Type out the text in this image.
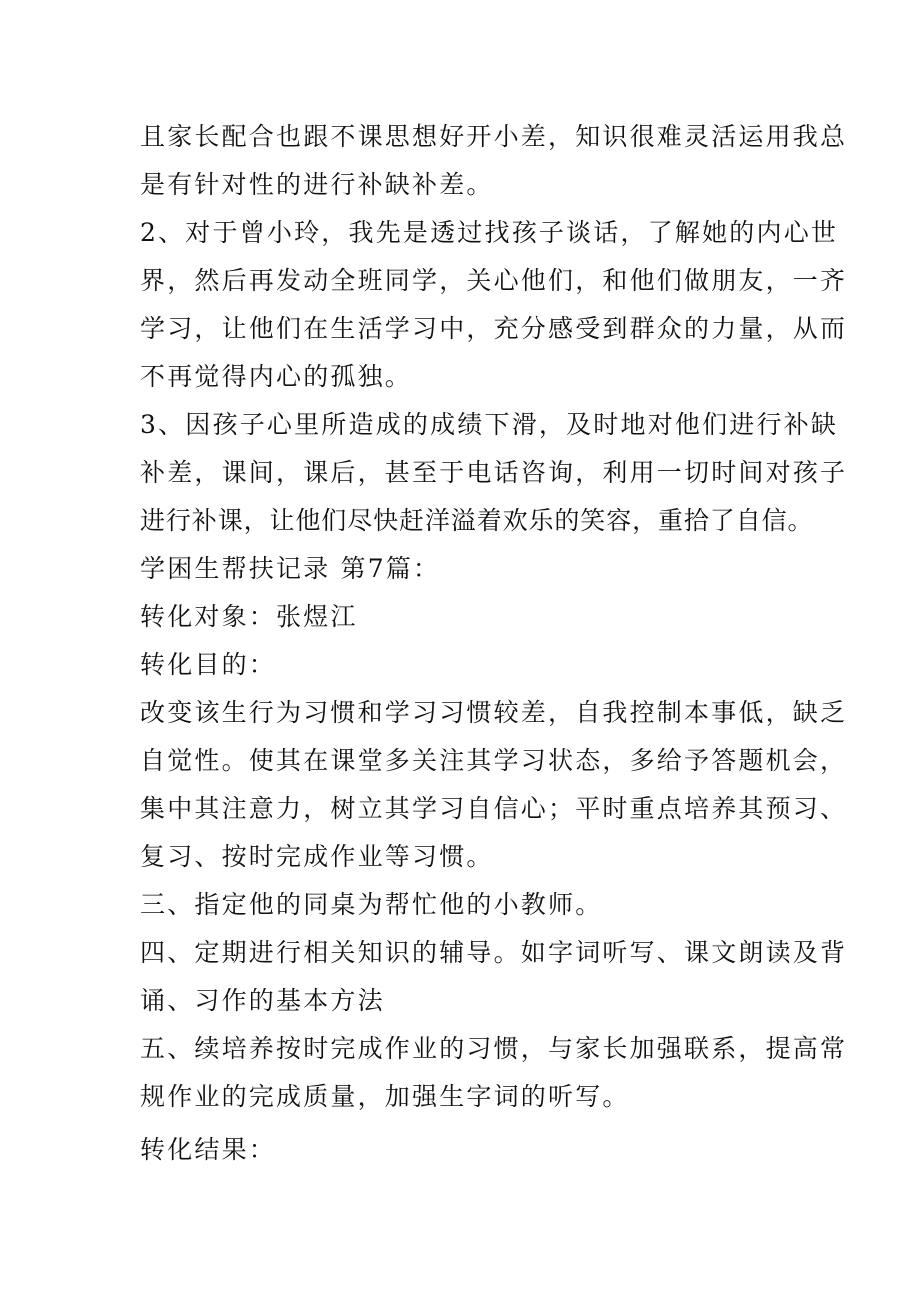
且家长配合也跟不课思想好开小差，知识很难灵活运用我总
是有针对性的进行补缺补差。
2、对于曾小玲，我先是透过找孩子谈话，了解她的内心世
界，然后再发动全班同学，关心他们，和他们做朋友，一齐
学习，让他们在生活学习中，充分感受到群众的力量，从而
不再觉得内心的孤独。
3、因孩子心里所造成的成绩下滑，及时地对他们进行补缺
补差，课间，课后，甚至于电话咨询，利用一切时间对孩子
进行补课，让他们尽快赶洋溢着欢乐的笑容，重拾了自信。
学困生帮扶记录 第7篇：
转化对象：张煜江
转化目的：
改变该生行为习惯和学习习惯较差，自我控制本事低，缺乏
自觉性。使其在课堂多关注其学习状态，多给予答题机会，
集中其注意力，树立其学习自信心；平时重点培养其预习、
复习、按时完成作业等习惯。
三、指定他的同桌为帮忙他的小教师。
四、定期进行相关知识的辅导。如字词听写、课文朗读及背
诵、习作的基本方法
五、续培养按时完成作业的习惯，与家长加强联系，提高常
规作业的完成质量，加强生字词的听写。
转化结果：
